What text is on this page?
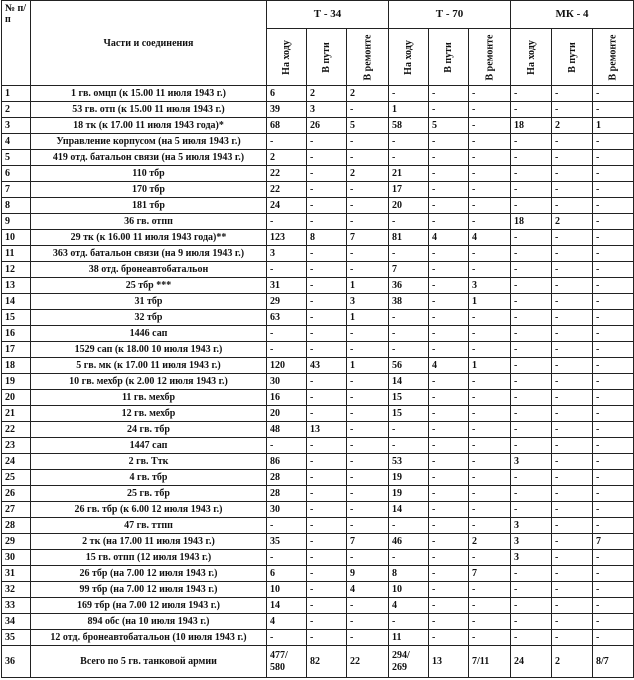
№ п/п	Части и соединения	Т - 34			Т - 70			МК - 4		

		На ходу	В пути	В ремонте	На ходу	В пути	В ремонте	На ходу	В пути	В ремонте

1	1 гв. омцп (к 15.00 11 июля 1943 г.)	6	2	2	-	-	-	-	-	-
2	53 гв. отп (к 15.00 11 июля 1943 г.)	39	3	-	1	-	-	-	-	-
3	18 тк (к 17.00 11 июля 1943 года)*	68	26	5	58	5	-	18	2	1
4	Управление корпусом (на 5 июля 1943 г.)	-	-	-	-	-	-	-	-	-
5	419 отд. батальон связи (на 5 июля 1943 г.)	2	-	-	-	-	-	-	-	-
6	110 тбр	22	-	2	21	-	-	-	-	-
7	170 тбр	22	-	-	17	-	-	-	-	-
8	181 тбр	24	-	-	20	-	-	-	-	-
9	36 гв. отпп	-	-	-	-	-	-	18	2	-
10	29 тк (к 16.00 11 июля 1943 года)**	123	8	7	81	4	4	-	-	-
11	363 отд. батальон связи (на 9 июля 1943 г.)	3	-	-	-	-	-	-	-	-
12	38 отд. бронеавтобатальон	-	-	-	7	-	-	-	-	-
13	25 тбр ***	31	-	1	36	-	3	-	-	-
14	31 тбр	29	-	3	38	-	1	-	-	-
15	32 тбр	63	-	1	-	-	-	-	-	-
16	1446 сап	-	-	-	-	-	-	-	-	-
17	1529 сап (к 18.00 10 июля 1943 г.)	-	-	-	-	-	-	-	-	-
18	5 гв. мк (к 17.00 11 июля 1943 г.)	120	43	1	56	4	1	-	-	-
19	10 гв. мехбр (к 2.00 12 июля 1943 г.)	30	-	-	14	-	-	-	-	-
20	11 гв. мехбр	16	-	-	15	-	-	-	-	-
21	12 гв. мехбр	20	-	-	15	-	-	-	-	-
22	24 гв. тбр	48	13	-	-	-	-	-	-	-
23	1447 сап	-	-	-	-	-	-	-	-	-
24	2 гв. Ттк	86	-	-	53	-	-	3	-	-
25	4 гв. тбр	28	-	-	19	-	-	-	-	-
26	25 гв. тбр	28	-	-	19	-	-	-	-	-
27	26 гв. тбр (к 6.00 12 июля 1943 г.)	30	-	-	14	-	-	-	-	-
28	47 гв. ттпп	-	-	-	-	-	-	3	-	-
29	2 тк (на 17.00 11 июля 1943 г.)	35	-	7	46	-	2	3	-	7
30	15 гв. отпп (12 июля 1943 г.)	-	-	-	-	-	-	3	-	-
31	26 тбр (на 7.00 12 июля 1943 г.)	6	-	9	8	-	7	-	-	-
32	99 тбр (на 7.00 12 июля 1943 г.)	10	-	4	10	-	-	-	-	-
33	169 тбр (на 7.00 12 июля 1943 г.)	14	-	-	4	-	-	-	-	-
34	894 обс (на 10 июля 1943 г.)	4	-	-	-	-	-	-	-	-
35	12 отд. бронеавтобатальон (10 июля 1943 г.)	-	-	-	11	-	-	-	-	-
36	Всего по 5 гв. танковой армии	477/ 580	82	22	294/ 269	13	7/11	24	2	8/7
